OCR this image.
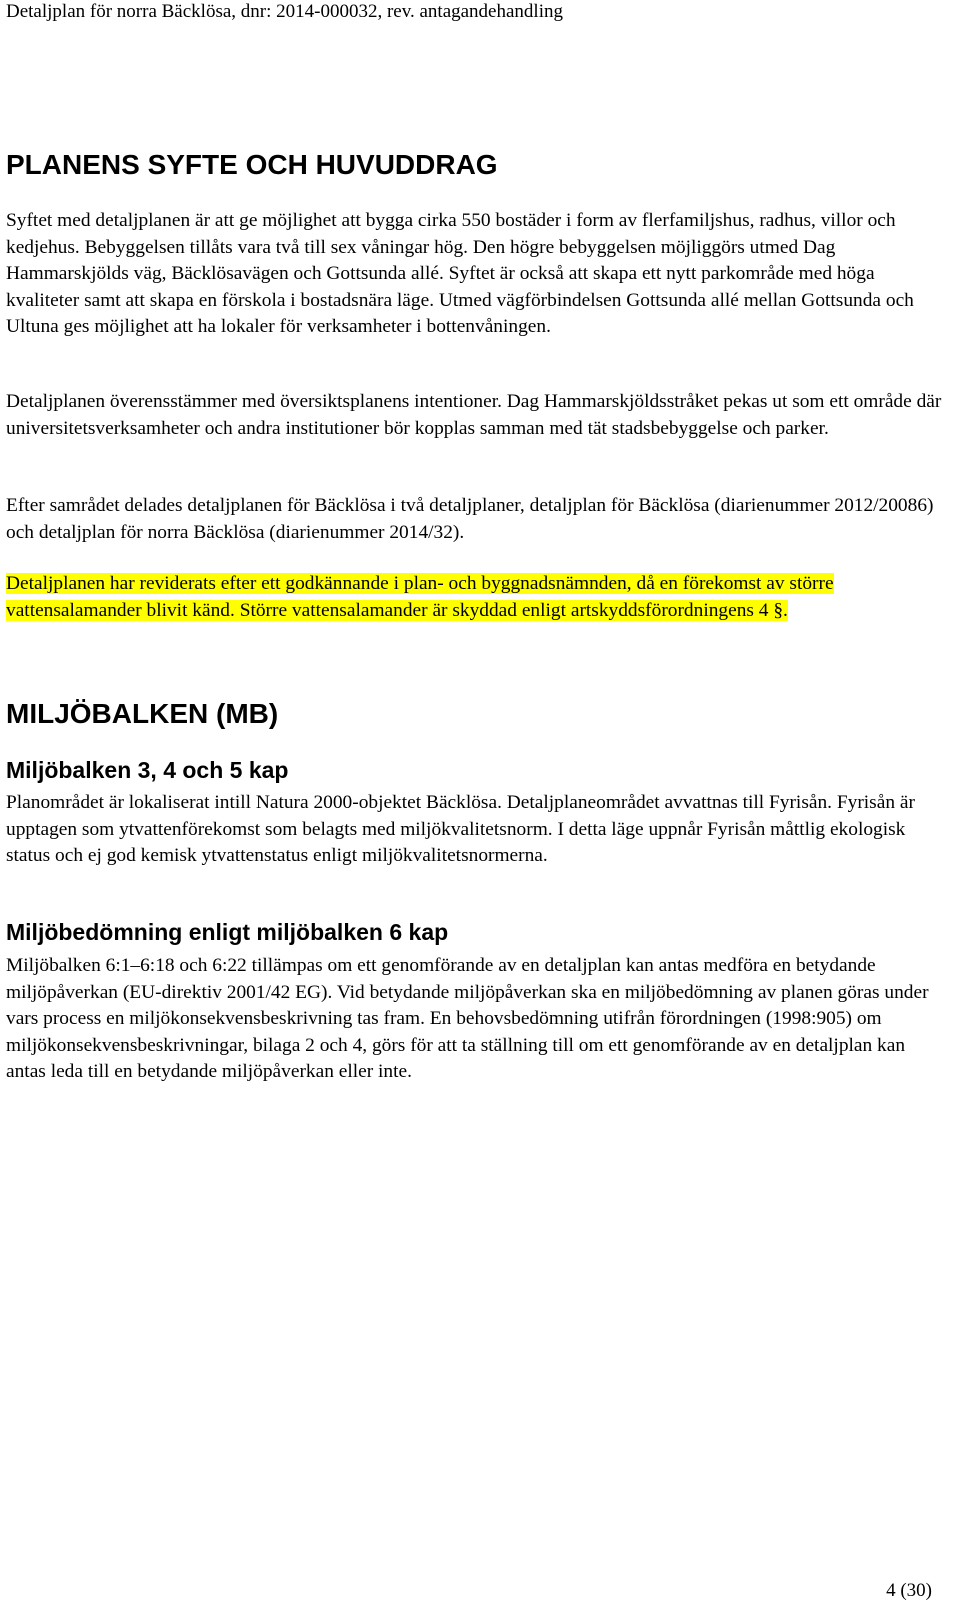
Detaljplan för norra Bäcklösa, dnr: 2014-000032, rev. antagandehandling
PLANENS SYFTE OCH HUVUDDRAG

Syftet med detaljplanen är att ge möjlighet att bygga cirka 550 bostäder i form av flerfamiljshus, radhus, villor och kedjehus. Bebyggelsen tillåts vara två till sex våningar hög. Den högre bebyggelsen möjliggörs utmed Dag Hammarskjölds väg, Bäcklösavägen och Gottsunda allé. Syftet är också att skapa ett nytt parkområde med höga kvaliteter samt att skapa en förskola i bostadsnära läge. Utmed vägförbindelsen Gottsunda allé mellan Gottsunda och Ultuna ges möjlighet att ha lokaler för verksamheter i bottenvåningen.

Detaljplanen överensstämmer med översiktsplanens intentioner. Dag Hammarskjöldsstråket pekas ut som ett område där universitetsverksamheter och andra institutioner bör kopplas samman med tät stadsbebyggelse och parker.

Efter samrådet delades detaljplanen för Bäcklösa i två detaljplaner, detaljplan för Bäcklösa (diarienummer 2012/20086) och detaljplan för norra Bäcklösa (diarienummer 2014/32).

Detaljplanen har reviderats efter ett godkännande i plan- och byggnadsnämnden, då en förekomst av större vattensalamander blivit känd. Större vattensalamander är skyddad enligt artskyddsförordningens 4 §.

MILJÖBALKEN (MB)
Miljöbalken 3, 4 och 5 kap

Planområdet är lokaliserat intill Natura 2000-objektet Bäcklösa. Detaljplaneområdet avvattnas till Fyrisån. Fyrisån är upptagen som ytvattenförekomst som belagts med miljökvalitetsnorm. I detta läge uppnår Fyrisån måttlig ekologisk status och ej god kemisk ytvattenstatus enligt miljökvalitetsnormerna.

Miljöbedömning enligt miljöbalken 6 kap

Miljöbalken 6:1–6:18 och 6:22 tillämpas om ett genomförande av en detaljplan kan antas medföra en betydande miljöpåverkan (EU-direktiv 2001/42 EG). Vid betydande miljöpåverkan ska en miljöbedömning av planen göras under vars process en miljökonsekvensbeskrivning tas fram. En behovsbedömning utifrån förordningen (1998:905) om miljökonsekvensbeskrivningar, bilaga 2 och 4, görs för att ta ställning till om ett genomförande av en detaljplan kan antas leda till en betydande miljöpåverkan eller inte.

4 (30)
